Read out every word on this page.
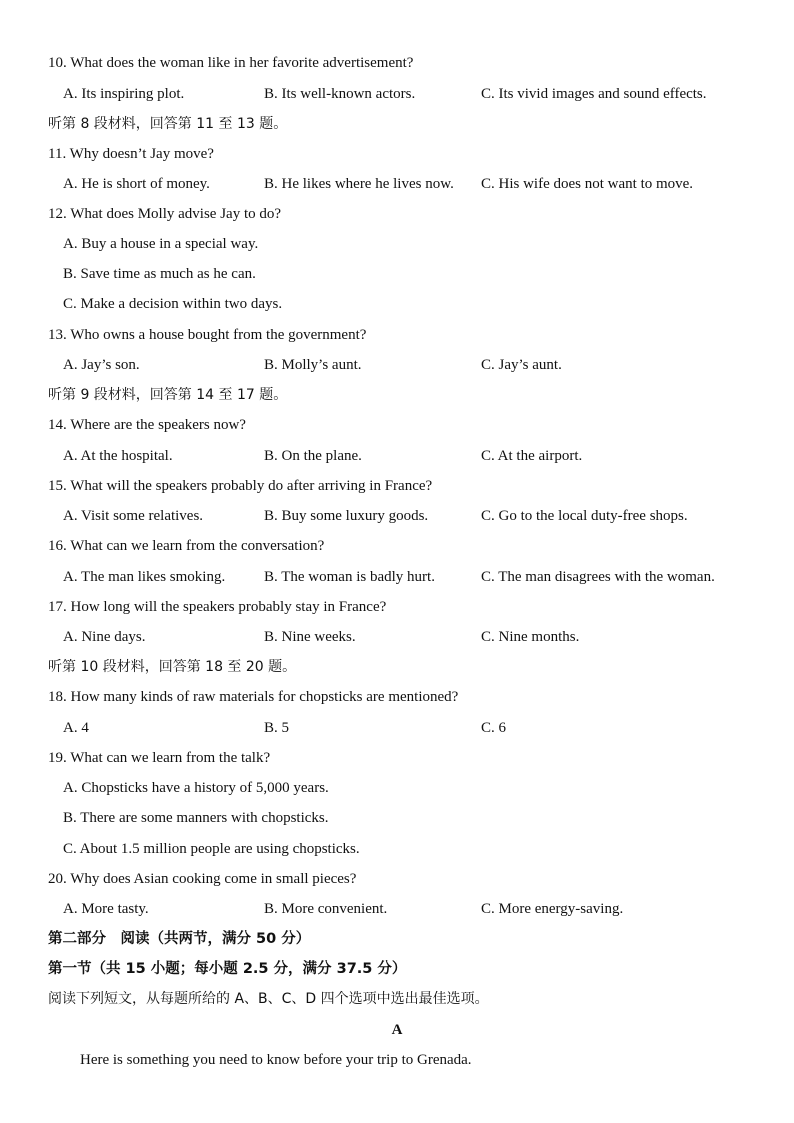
10. What does the woman like in her favorite advertisement?
A. Its inspiring plot.	B. Its well-known actors.	C. Its vivid images and sound effects.
听第 8 段材料，回答第 11 至 13 题。
11. Why doesn’t Jay move?
A. He is short of money.	B. He likes where he lives now. C. His wife does not want to move.
12. What does Molly advise Jay to do?
A. Buy a house in a special way.
B. Save time as much as he can.
C. Make a decision within two days.
13. Who owns a house bought from the government?
A. Jay’s son.	B. Molly’s aunt.	C. Jay’s aunt.
听第 9 段材料，回答第 14 至 17 题。
14. Where are the speakers now?
A. At the hospital.	B. On the plane.	C. At the airport.
15. What will the speakers probably do after arriving in France?
A. Visit some relatives.	B. Buy some luxury goods.	C. Go to the local duty-free shops.
16. What can we learn from the conversation?
A. The man likes smoking.	B. The woman is badly hurt.	C. The man disagrees with the woman.
17. How long will the speakers probably stay in France?
A. Nine days.	B. Nine weeks.	C. Nine months.
听第 10 段材料，回答第 18 至 20 题。
18. How many kinds of raw materials for chopsticks are mentioned?
A. 4	B. 5	C. 6
19. What can we learn from the talk?
A. Chopsticks have a history of 5,000 years.
B. There are some manners with chopsticks.
C. About 1.5 million people are using chopsticks.
20. Why does Asian cooking come in small pieces?
A. More tasty.	B. More convenient.	C. More energy-saving.
第二部分　阅读（共两节，满分 50 分）
第一节（共 15 小题；每小题 2.5 分，满分 37.5 分）
阅读下列短文，从每题所给的 A、B、C、D 四个选项中选出最佳选项。
A
Here is something you need to know before your trip to Grenada.
